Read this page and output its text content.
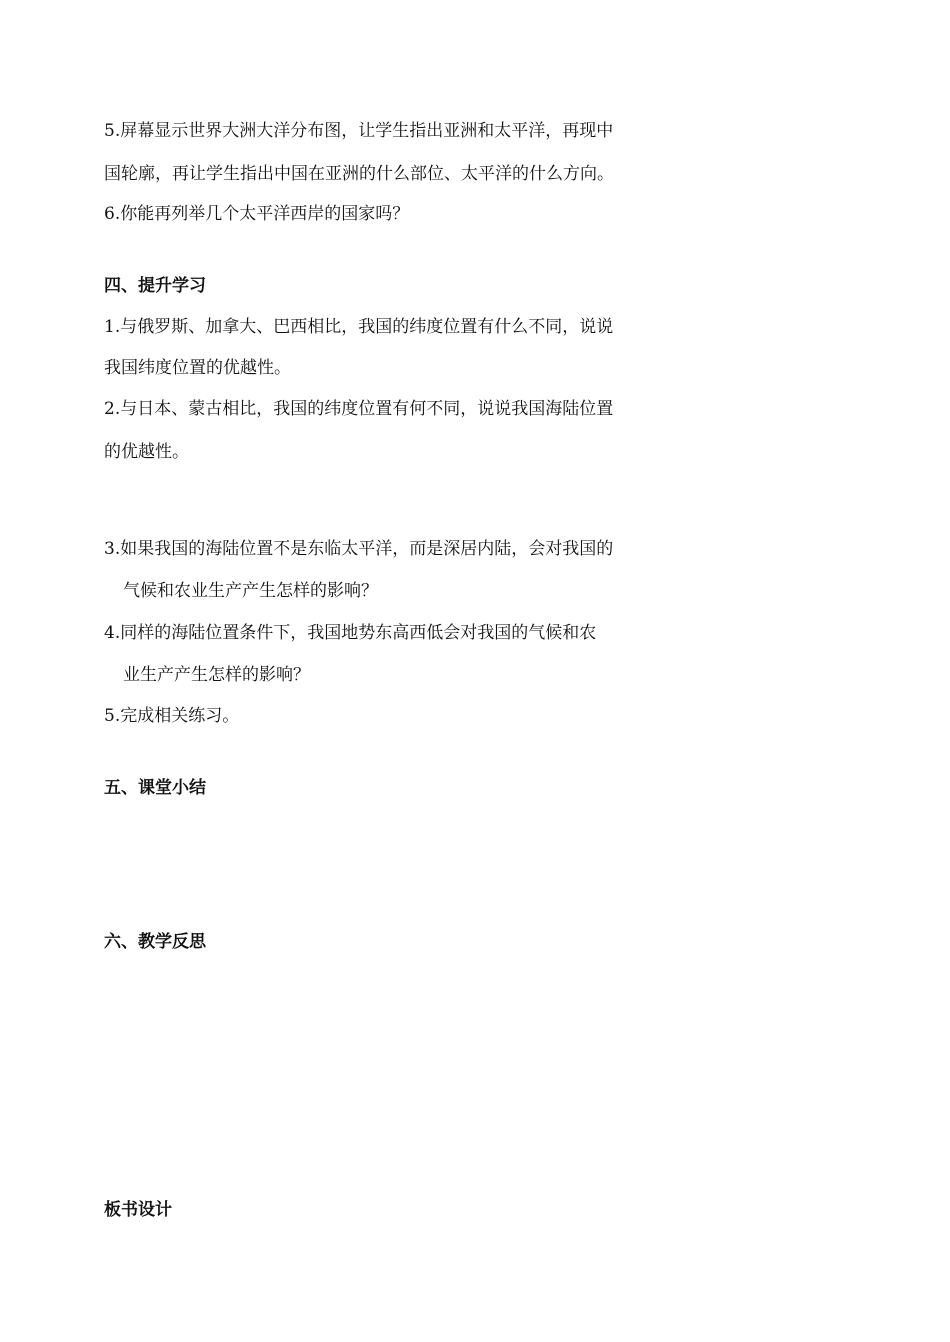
5.屏幕显示世界大洲大洋分布图，让学生指出亚洲和太平洋，再现中
国轮廓，再让学生指出中国在亚洲的什么部位、太平洋的什么方向。
6.你能再列举几个太平洋西岸的国家吗？
四、提升学习
1.与俄罗斯、加拿大、巴西相比，我国的纬度位置有什么不同，说说
我国纬度位置的优越性。
2.与日本、蒙古相比，我国的纬度位置有何不同，说说我国海陆位置
的优越性。
3.如果我国的海陆位置不是东临太平洋，而是深居内陆，会对我国的
气候和农业生产产生怎样的影响？
4.同样的海陆位置条件下，我国地势东高西低会对我国的气候和农
业生产产生怎样的影响？
5.完成相关练习。
五、课堂小结
六、教学反思
板书设计
